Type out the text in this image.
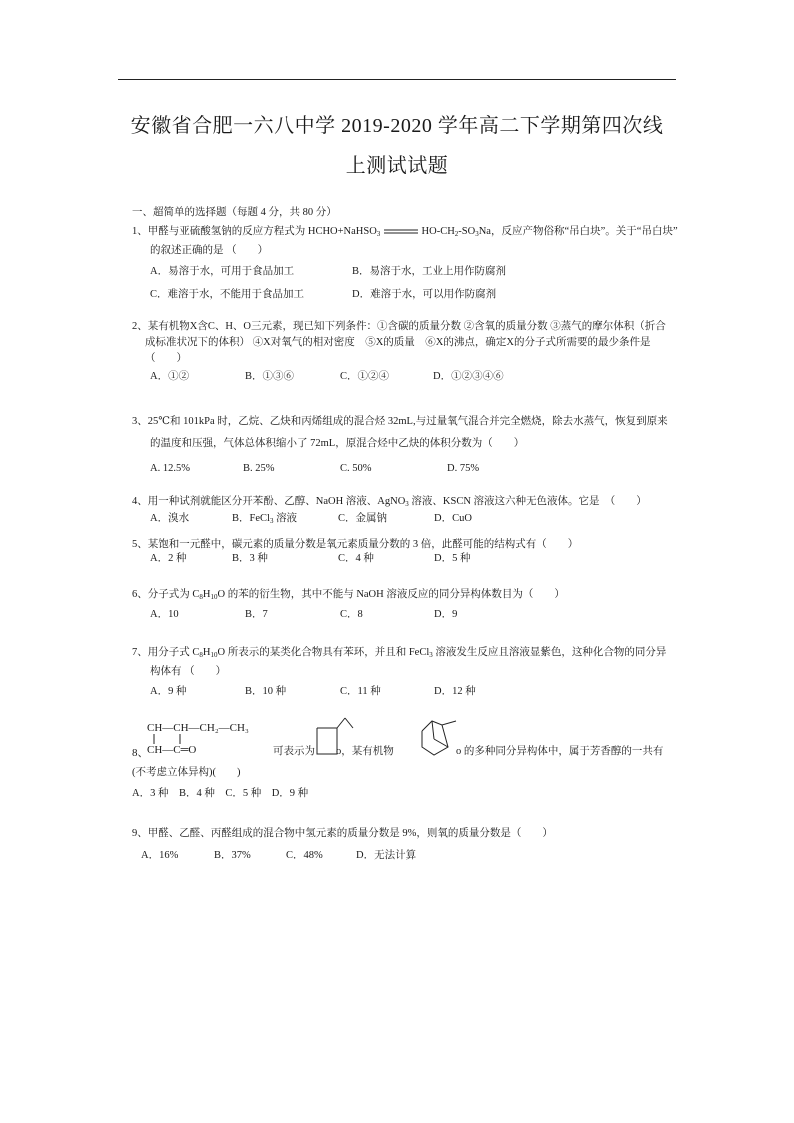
安徽省合肥一六八中学 2019-2020 学年高二下学期第四次线
上测试试题
一、超简单的选择题（每题 4 分，共 80 分）
1、甲醛与亚硫酸氢钠的反应方程式为 HCHO+NaHSO$_3$	$HO-CH_2-SO_3Na$，反应产物俗称“吊白块”。关于“吊白块”
的叙述正确的是 （　　）
A．易溶于水，可用于食品加工	B．易溶于水，工业上用作防腐剂
C．难溶于水，不能用于食品加工	D．难溶于水，可以用作防腐剂
2、某有机物X含C、H、O三元素，现已知下列条件：①含碳的质量分数 ②含氧的质量分数 ③蒸气的摩尔体积（折合
成标准状况下的体积） ④X对氧气的相对密度　⑤X的质量　⑥X的沸点，确定X的分子式所需要的最少条件是
（　　）
A．①②	B．①③⑥	C．①②④	D．①②③④⑥
3、25℃和 101kPa 时，乙烷、乙炔和丙烯组成的混合烃 32mL,与过量氧气混合并完全燃烧，除去水蒸气，恢复到原来
的温度和压强，气体总体积缩小了 72mL，原混合烃中乙炔的体积分数为（　　）
A. 12.5%	B. 25%	C. 50%	D. 75%
4、用一种试剂就能区分开苯酚、乙醇、NaOH 溶液、AgNO$_3$ 溶液、KSCN 溶液这六种无色液体。它是　（　　）
A．溴水	B．FeCl$_3$ 溶液	C．金属钠	D．CuO
5、某饱和一元醛中，碳元素的质量分数是氧元素质量分数的 3 倍，此醛可能的结构式有（　　）
A．2 种	B．3 种	C．4 种	D．5 种
6、分子式为 $C_8H_{10}O$ 的苯的衍生物，其中不能与 NaOH 溶液反应的同分异构体数目为（　　）
A．10	B．7	C．8	D．9
7、用分子式 $C_8H_{10}O$ 所表示的某类化合物具有苯环，并且和 FeCl$_3$ 溶液发生反应且溶液显紫色，这种化合物的同分异
构体有 （　　）
A．9 种	B．10 种	C．11 种	D．12 种
CH—CH—CH₂—CH₃
8、
CH—C═O	可表示为 o，某有机物	o 的多种同分异构体中，属于芳香醇的一共有
(不考虑立体异构)(　　)
A．3 种　B．4 种　C．5 种　D．9 种
9、甲醛、乙醛、丙醛组成的混合物中氢元素的质量分数是 9%，则氧的质量分数是（　　）
A．16%	B．37%	C．48%	D．无法计算
